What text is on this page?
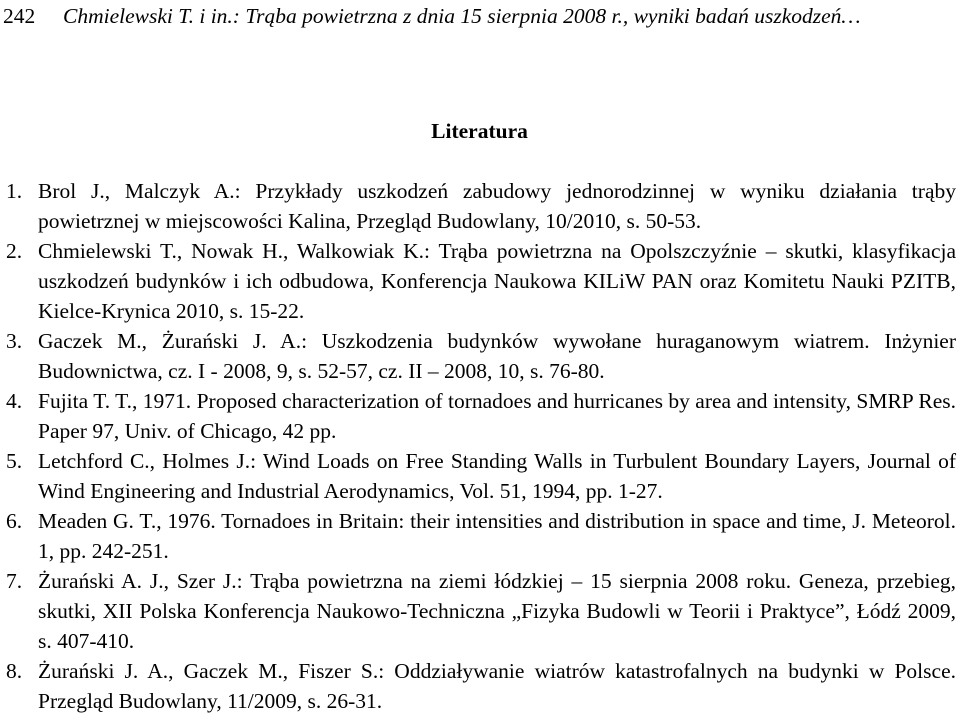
242	Chmielewski T. i in.: Trąba powietrzna z dnia 15 sierpnia 2008 r., wyniki badań uszkodzeń…
Literatura
1. Brol J., Malczyk A.: Przykłady uszkodzeń zabudowy jednorodzinnej w wyniku działania trąby powietrznej w miejscowości Kalina, Przegląd Budowlany, 10/2010, s. 50-53.
2. Chmielewski T., Nowak H., Walkowiak K.: Trąba powietrzna na Opolszczyźnie – skutki, klasyfikacja uszkodzeń budynków i ich odbudowa, Konferencja Naukowa KILiW PAN oraz Komitetu Nauki PZITB, Kielce-Krynica 2010, s. 15-22.
3. Gaczek M., Żurański J. A.: Uszkodzenia budynków wywołane huraganowym wiatrem. Inżynier Budownictwa, cz. I - 2008, 9, s. 52-57, cz. II – 2008, 10, s. 76-80.
4. Fujita T. T., 1971. Proposed characterization of tornadoes and hurricanes by area and intensity, SMRP Res. Paper 97, Univ. of Chicago, 42 pp.
5. Letchford C., Holmes J.: Wind Loads on Free Standing Walls in Turbulent Boundary Layers, Journal of Wind Engineering and Industrial Aerodynamics, Vol. 51, 1994, pp. 1-27.
6. Meaden G. T., 1976. Tornadoes in Britain: their intensities and distribution in space and time, J. Meteorol. 1, pp. 242-251.
7. Żurański A. J., Szer J.: Trąba powietrzna na ziemi łódzkiej – 15 sierpnia 2008 roku. Geneza, przebieg, skutki, XII Polska Konferencja Naukowo-Techniczna „Fizyka Budowli w Teorii i Praktyce”, Łódź 2009, s. 407-410.
8. Żurański J. A., Gaczek M., Fiszer S.: Oddziaływanie wiatrów katastrofalnych na budynki w Polsce. Przegląd Budowlany, 11/2009, s. 26-31.
